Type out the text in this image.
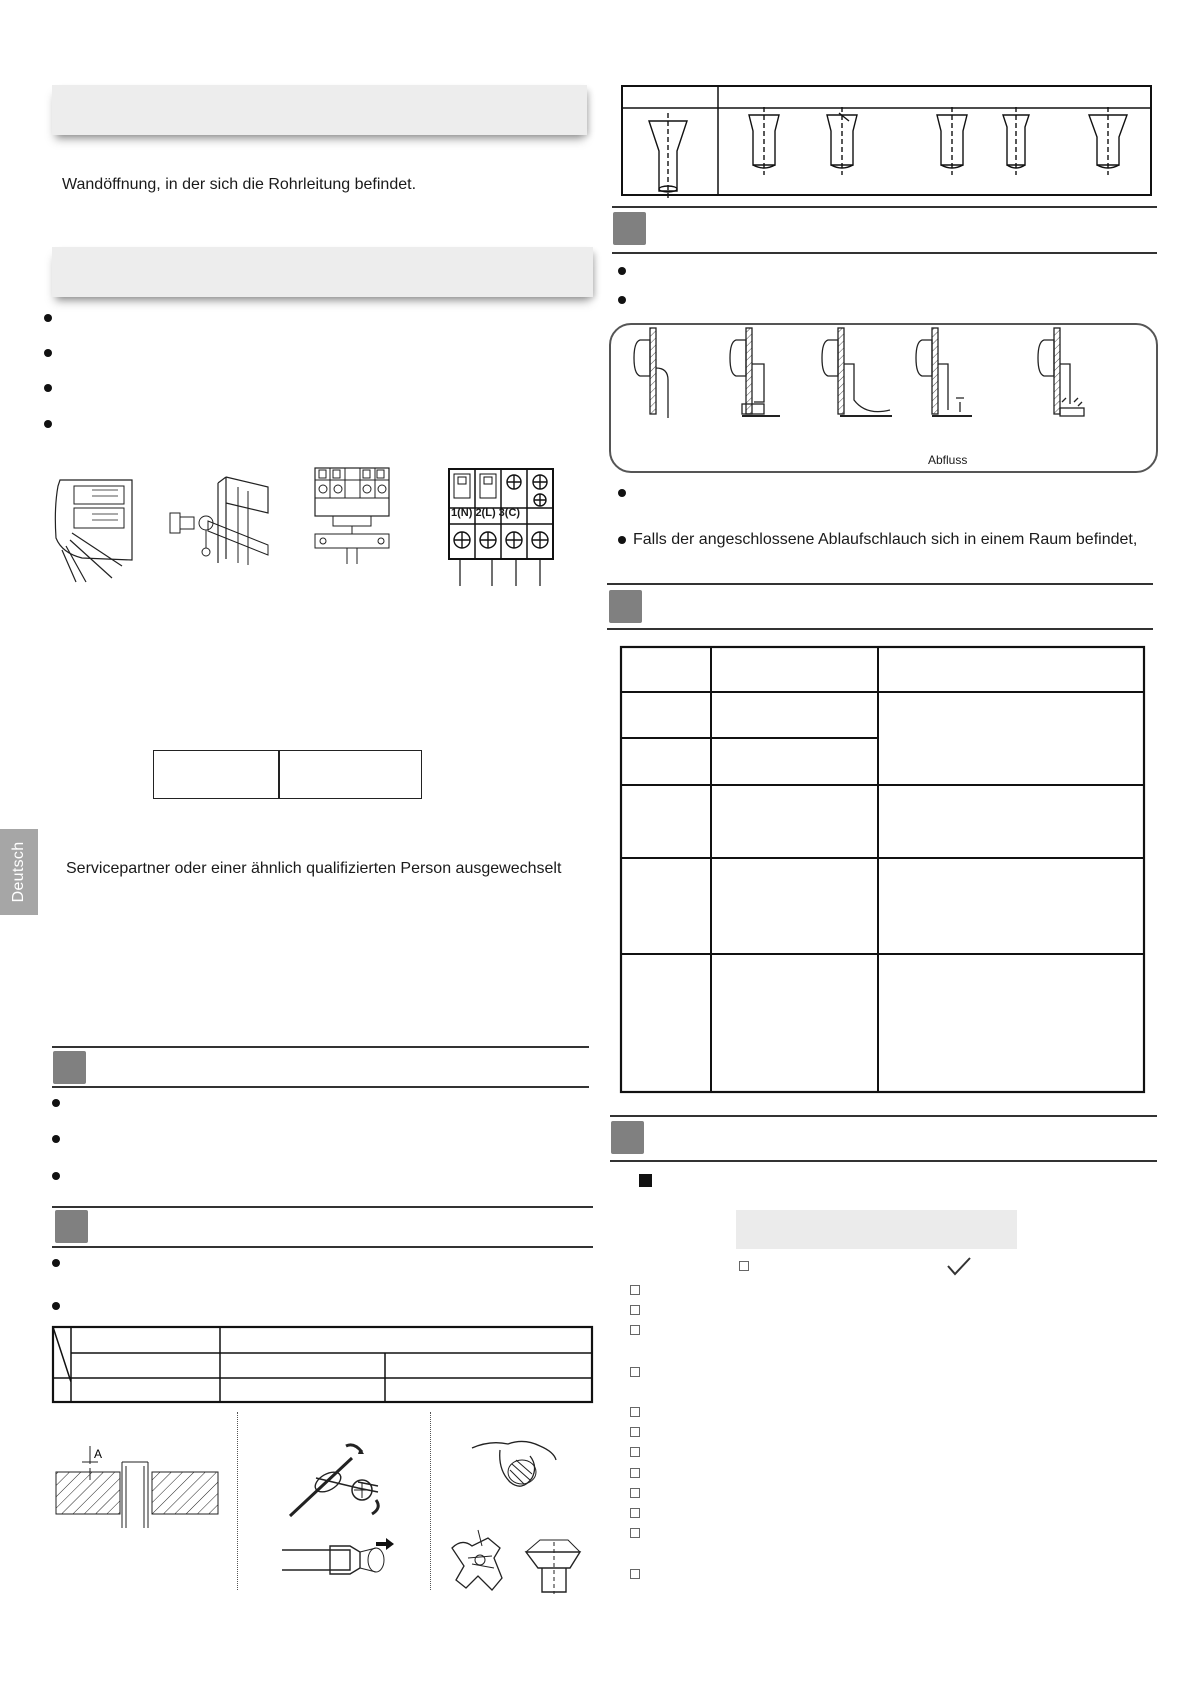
Wandöffnung, in der sich die Rohrleitung befindet.
1(N) 2(L) 3(C)
Servicepartner oder einer ähnlich qualifizierten Person ausgewechselt
A
Deutsch
Abfluss
Falls der angeschlossene Ablaufschlauch sich in einem Raum befindet,
